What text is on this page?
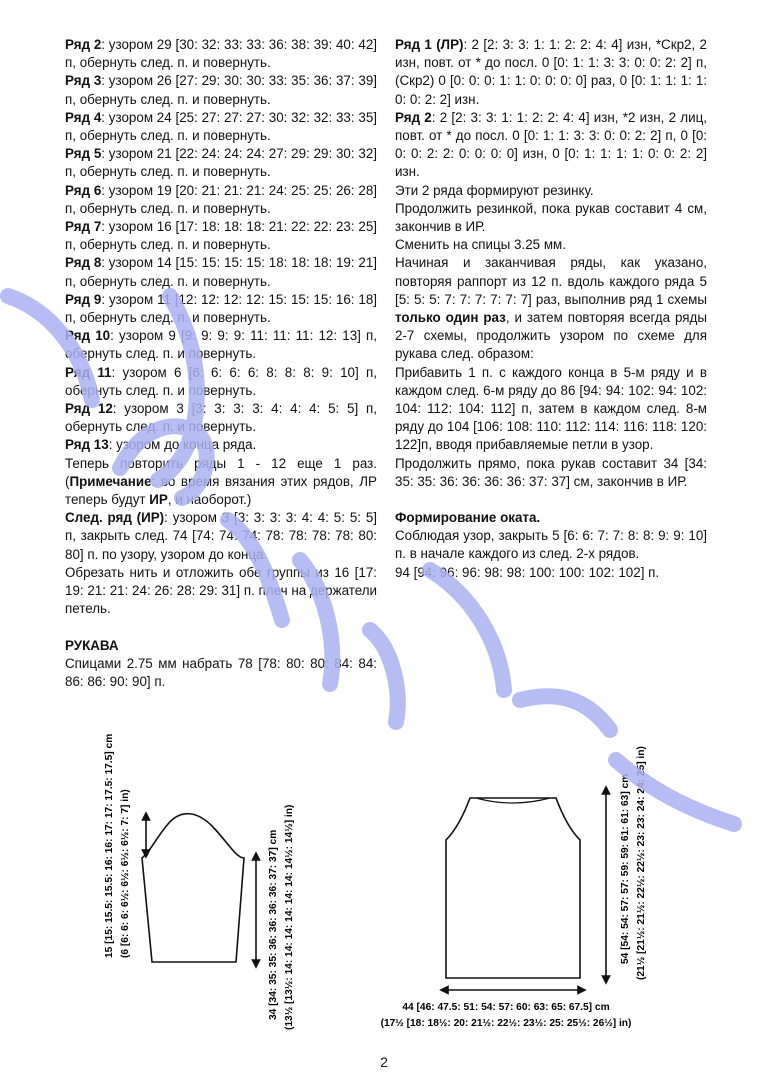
Ряд 2: узором 29 [30: 32: 33: 33: 36: 38: 39: 40: 42] п, обернуть след. п. и повернуть.

Ряд 3: узором 26 [27: 29: 30: 30: 33: 35: 36: 37: 39] п, обернуть след. п. и повернуть.

Ряд 4: узором 24 [25: 27: 27: 27: 30: 32: 32: 33: 35] п, обернуть след. п. и повернуть.

Ряд 5: узором 21 [22: 24: 24: 24: 27: 29: 29: 30: 32] п, обернуть след. п. и повернуть.

Ряд 6: узором 19 [20: 21: 21: 21: 24: 25: 25: 26: 28] п, обернуть след. п. и повернуть.

Ряд 7: узором 16 [17: 18: 18: 18: 21: 22: 22: 23: 25] п, обернуть след. п. и повернуть.

Ряд 8: узором 14 [15: 15: 15: 15: 18: 18: 18: 19: 21] п, обернуть след. п. и повернуть.

Ряд 9: узором 11 [12: 12: 12: 12: 15: 15: 15: 16: 18] п, обернуть след. п. и повернуть.

Ряд 10: узором 9 [9: 9: 9: 9: 11: 11: 11: 12: 13] п, обернуть след. п. и повернуть.

Ряд 11: узором 6 [6: 6: 6: 6: 8: 8: 8: 9: 10] п, обернуть след. п. и повернуть.

Ряд 12: узором 3 [3: 3: 3: 3: 4: 4: 4: 5: 5] п, обернуть след. п. и повернуть.

Ряд 13: узором до конца ряда.

Теперь повторить ряды 1 - 12 еще 1 раз. (Примечание: во время вязания этих рядов, ЛР теперь будут ИР, и наоборот.)

След. ряд (ИР): узором 3 [3: 3: 3: 3: 4: 4: 5: 5: 5] п, закрыть след. 74 [74: 74: 74: 78: 78: 78: 78: 80: 80] п. по узору, узором до конца.

Обрезать нить и отложить обе группы из 16 [17: 19: 21: 21: 24: 26: 28: 29: 31] п. плеч на держатели петель.

РУКАВА

Спицами 2.75 мм набрать 78 [78: 80: 80: 84: 84: 86: 86: 90: 90] п.

Ряд 1 (ЛР): 2 [2: 3: 3: 1: 1: 2: 2: 4: 4] изн, *Скр2, 2 изн, повт. от * до посл. 0 [0: 1: 1: 3: 3: 0: 0: 2: 2] п, (Скр2) 0 [0: 0: 0: 1: 1: 0: 0: 0: 0] раз, 0 [0: 1: 1: 1: 1: 0: 0: 2: 2] изн.

Ряд 2: 2 [2: 3: 3: 1: 1: 2: 2: 4: 4] изн, *2 изн, 2 лиц, повт. от * до посл. 0 [0: 1: 1: 3: 3: 0: 0: 2: 2] п, 0 [0: 0: 0: 2: 2: 0: 0: 0: 0] изн, 0 [0: 1: 1: 1: 1: 0: 0: 2: 2] изн.

Эти 2 ряда формируют резинку.

Продолжить резинкой, пока рукав составит 4 см, закончив в ИР.

Сменить на спицы 3.25 мм.

Начиная и заканчивая ряды, как указано, повторяя раппорт из 12 п. вдоль каждого ряда 5 [5: 5: 5: 7: 7: 7: 7: 7: 7] раз, выполнив ряд 1 схемы только один раз, и затем повторяя всегда ряды 2-7 схемы, продолжить узором по схеме для рукава след. образом:

Прибавить 1 п. с каждого конца в 5-м ряду и в каждом след. 6-м ряду до 86 [94: 94: 102: 94: 102: 104: 112: 104: 112] п, затем в каждом след. 8-м ряду до 104 [106: 108: 110: 112: 114: 116: 118: 120: 122]п, вводя прибавляемые петли в узор.

Продолжить прямо, пока рукав составит 34 [34: 35: 35: 36: 36: 36: 36: 37: 37] см, закончив в ИР.

Формирование оката.

Соблюдая узор, закрыть 5 [6: 6: 7: 7: 8: 8: 9: 9: 10] п. в начале каждого из след. 2-х рядов.

94 [94: 96: 96: 98: 98: 100: 100: 102: 102] п.

15 [15: 15.5: 15.5: 16: 16: 17: 17: 17.5: 17.5] cm (6 [6: 6: 6: 6½: 6½: 6½: 6½: 7: 7] in)	34 [34: 35: 35: 36: 36: 36: 36: 37: 37] cm (13½ [13½: 14: 14: 14: 14: 14: 14: 14½: 14½] in)	54 [54: 54: 57: 57: 59: 59: 61: 61: 63] cm (21½ [21½: 21½: 22½: 22½: 23: 23: 24: 24: 25] in)
44 [46: 47.5: 51: 54: 57: 60: 63: 65: 67.5] cm
(17½ [18: 18½: 20: 21½: 22½: 23½: 25: 25½: 26½] in)
2
